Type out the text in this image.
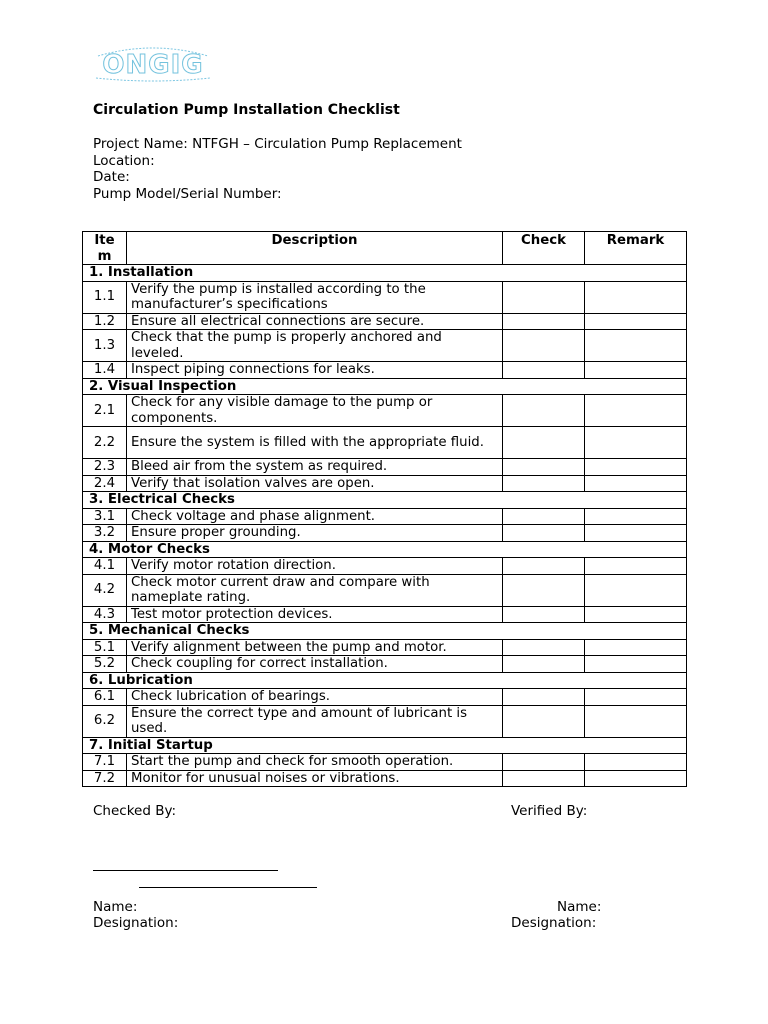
ONGIG
Circulation Pump Installation Checklist
Project Name: NTFGH – Circulation Pump Replacement
Location:
Date:
Pump Model/Serial Number:
Ite m	Description	Check	Remark
1. Installation			
1.1	Verify the pump is installed according to the manufacturer’s specifications		
1.2	Ensure all electrical connections are secure.		
1.3	Check that the pump is properly anchored and leveled.		
1.4	Inspect piping connections for leaks.		
2. Visual Inspection			
2.1	Check for any visible damage to the pump or components.		
2.2	Ensure the system is filled with the appropriate fluid.		
2.3	Bleed air from the system as required.		
2.4	Verify that isolation valves are open.		
3. Electrical Checks			
3.1	Check voltage and phase alignment.		
3.2	Ensure proper grounding.		
4. Motor Checks			
4.1	Verify motor rotation direction.		
4.2	Check motor current draw and compare with nameplate rating.		
4.3	Test motor protection devices.		
5. Mechanical Checks			
5.1	Verify alignment between the pump and motor.		
5.2	Check coupling for correct installation.		
6. Lubrication			
6.1	Check lubrication of bearings.		
6.2	Ensure the correct type and amount of lubricant is used.		
7. Initial Startup			
7.1	Start the pump and check for smooth operation.		
7.2	Monitor for unusual noises or vibrations.		
Checked By:	Verified By:
Name:
Designation:
Name:
Designation:
